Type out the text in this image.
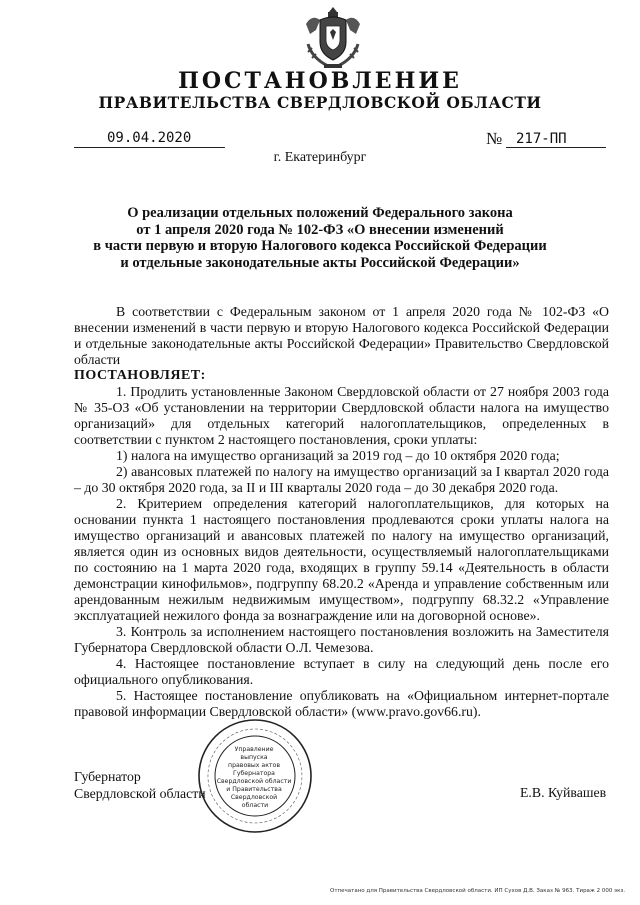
ПОСТАНОВЛЕНИЕ
ПРАВИТЕЛЬСТВА СВЕРДЛОВСКОЙ ОБЛАСТИ
09.04.2020	№ 217-ПП
г. Екатеринбург
О реализации отдельных положений Федерального закона
от 1 апреля 2020 года № 102-ФЗ «О внесении изменений
в части первую и вторую Налогового кодекса Российской Федерации
и отдельные законодательные акты Российской Федерации»
В соответствии с Федеральным законом от 1 апреля 2020 года № 102-ФЗ «О внесении изменений в части первую и вторую Налогового кодекса Российской Федерации и отдельные законодательные акты Российской Федерации» Правительство Свердловской области
ПОСТАНОВЛЯЕТ:

1. Продлить установленные Законом Свердловской области от 27 ноября 2003 года № 35-ОЗ «Об установлении на территории Свердловской области налога на имущество организаций» для отдельных категорий налогоплательщиков, определенных в соответствии с пунктом 2 настоящего постановления, сроки уплаты:

1) налога на имущество организаций за 2019 год – до 10 октября 2020 года;

2) авансовых платежей по налогу на имущество организаций за I квартал 2020 года – до 30 октября 2020 года, за II и III кварталы 2020 года – до 30 декабря 2020 года.

2. Критерием определения категорий налогоплательщиков, для которых на основании пункта 1 настоящего постановления продлеваются сроки уплаты налога на имущество организаций и авансовых платежей по налогу на имущество организаций, является один из основных видов деятельности, осуществляемый налогоплательщиками по состоянию на 1 марта 2020 года, входящих в группу 59.14 «Деятельность в области демонстрации кинофильмов», подгруппу 68.20.2 «Аренда и управление собственным или арендованным нежилым недвижимым имуществом», подгруппу 68.32.2 «Управление эксплуатацией нежилого фонда за вознаграждение или на договорной основе».

3. Контроль за исполнением настоящего постановления возложить на Заместителя Губернатора Свердловской области О.Л. Чемезова.

4. Настоящее постановление вступает в силу на следующий день после его официального опубликования.

5. Настоящее постановление опубликовать на «Официальном интернет-портале правовой информации Свердловской области» (www.pravo.gov66.ru).

Губернатор
Свердловской области	Е.В. Куйвашев
Управление выпуска правовых актов Губернатора Свердловской области и Правительства Свердловской области
Отпечатано для Правительства Свердловской области. ИП Сухов Д.В. Заказ № 963. Тираж 2 000 экз.
